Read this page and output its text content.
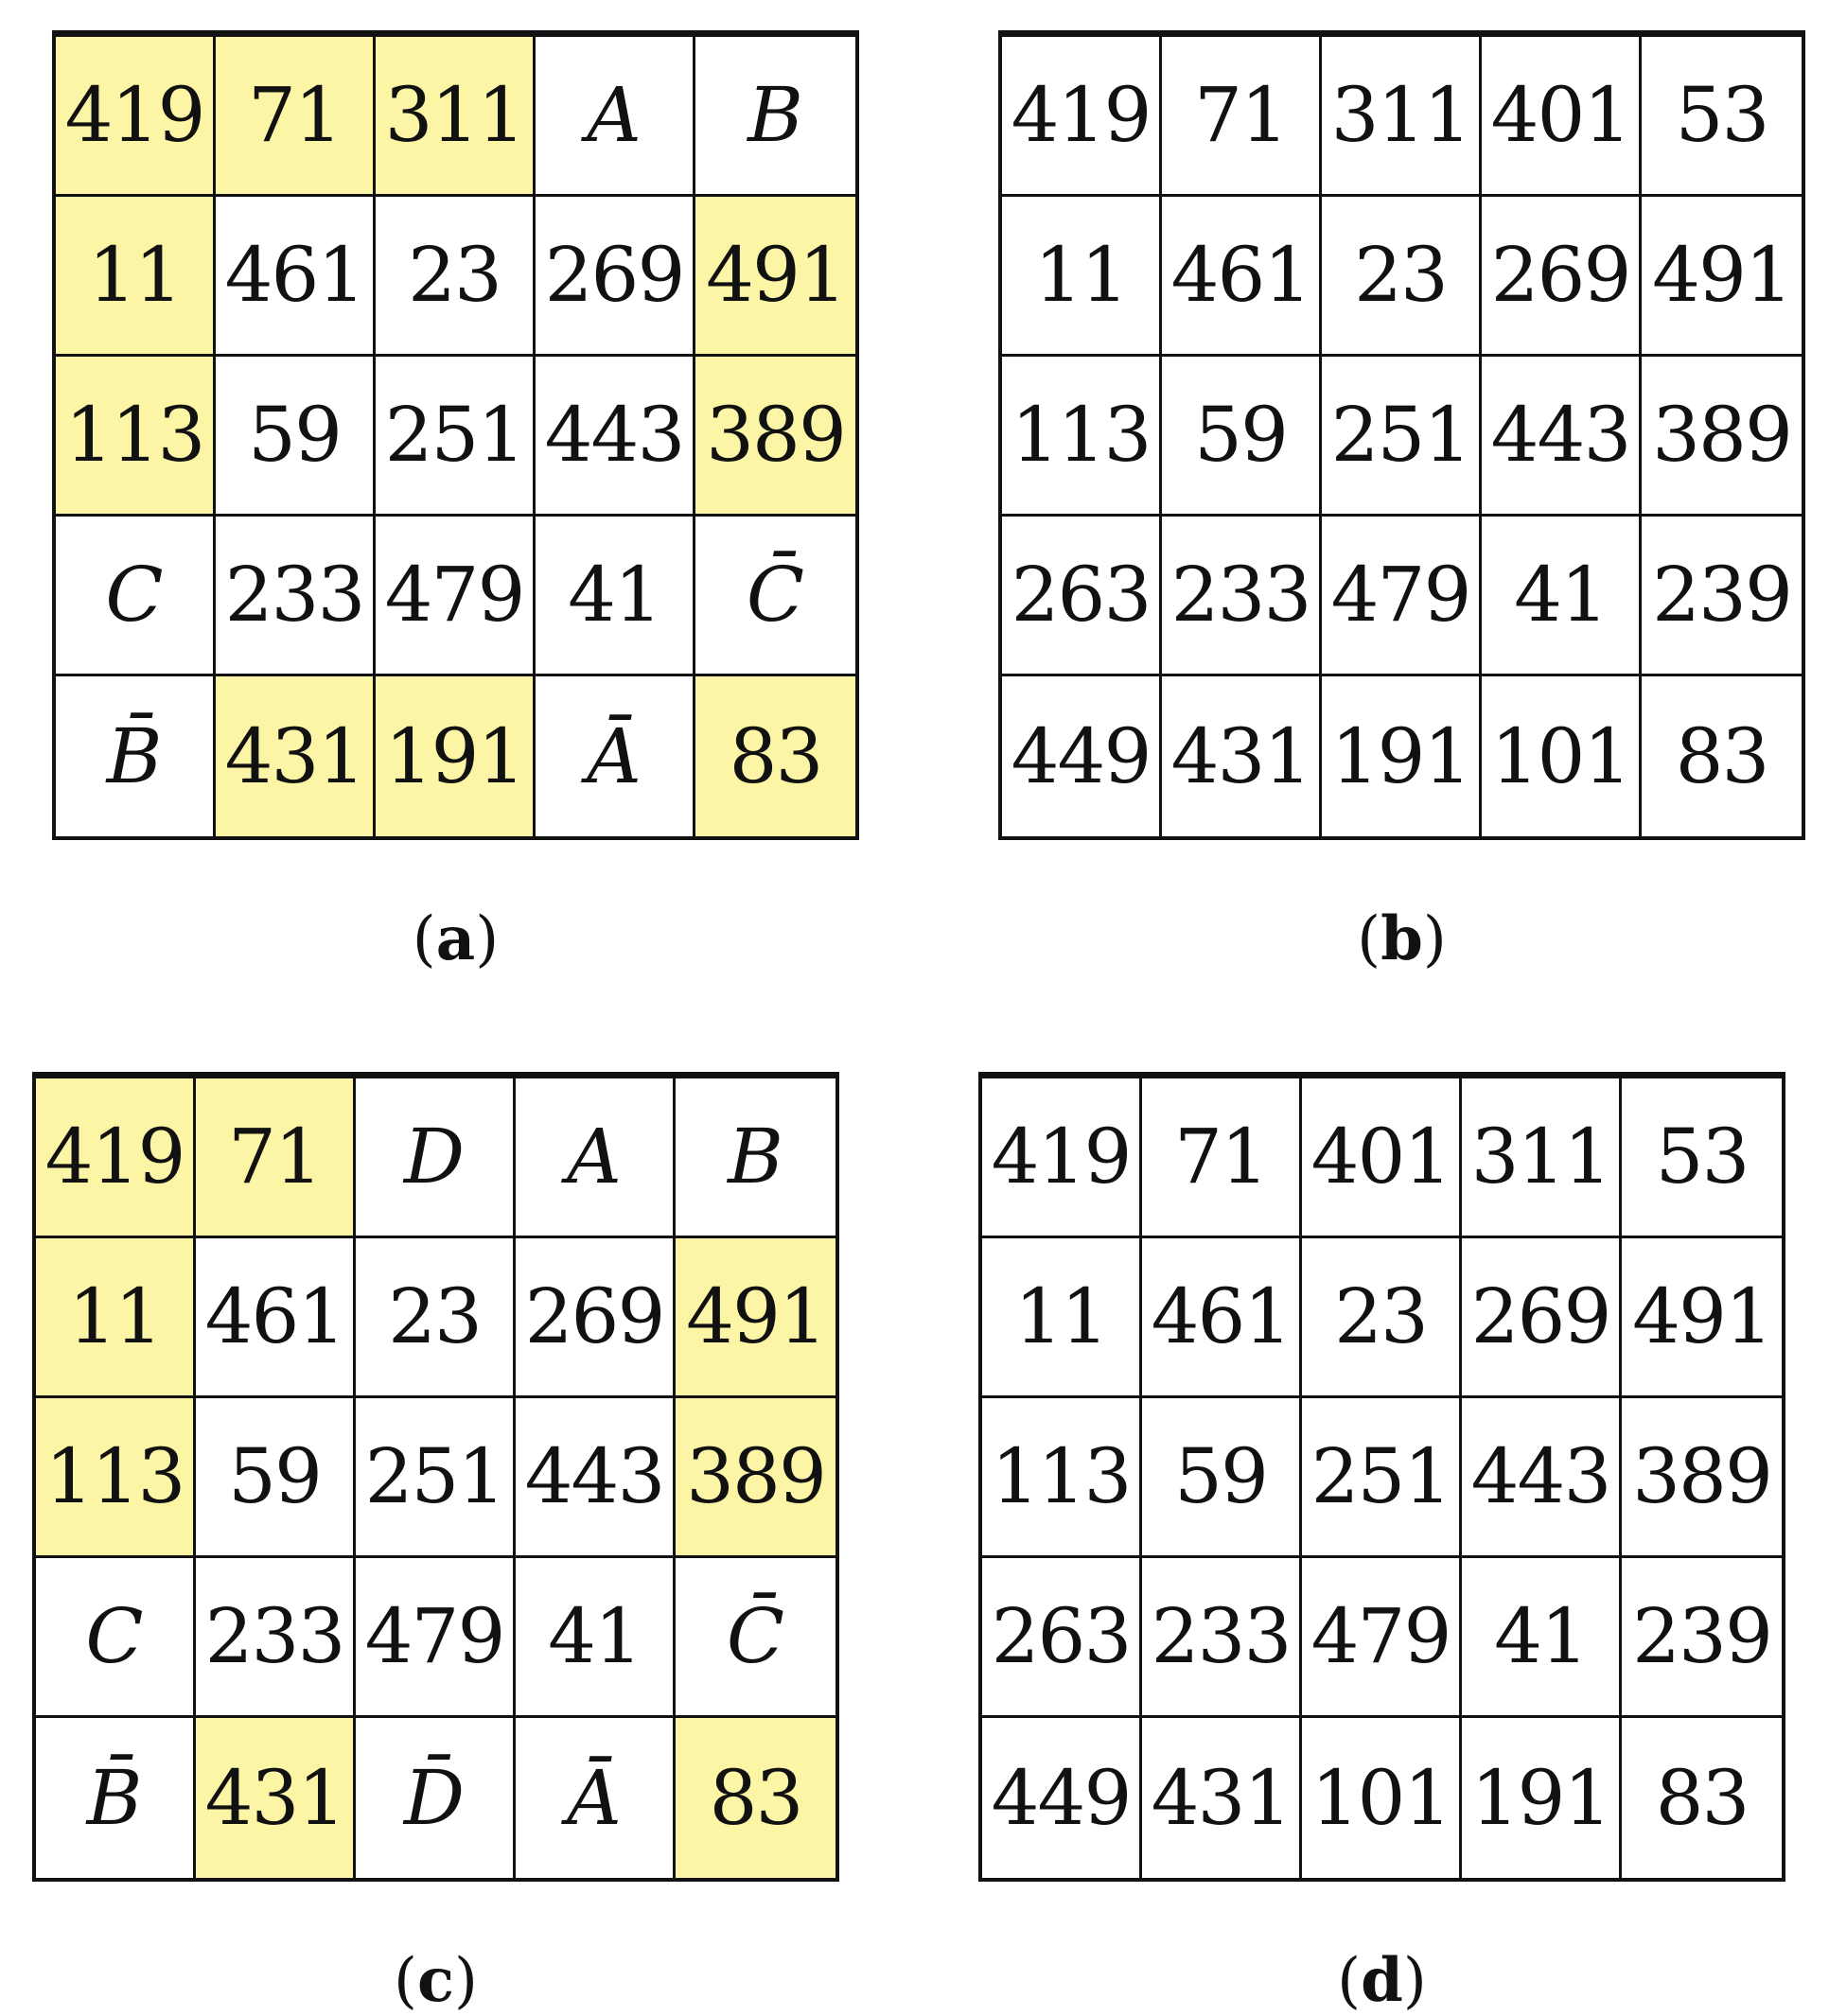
419 71 311 A	B
11 461 23 269 491
113 59 251 443 389
C 233 479 41	C̄
B̄ 431 191 Ā	83
(a)
419 71 311 401 53
11 461 23 269 491
113 59 251 443 389
263 233 479 41 239
449 431 191 101 83
(b)
419 71	D	A	B
11 461 23 269 491
113 59 251 443 389
C 233 479 41	C̄
B̄ 431 D̄	Ā	83
(c)
419 71 401 311 53
11 461 23 269 491
113 59 251 443 389
263 233 479 41 239
449 431 101 191 83
(d)
